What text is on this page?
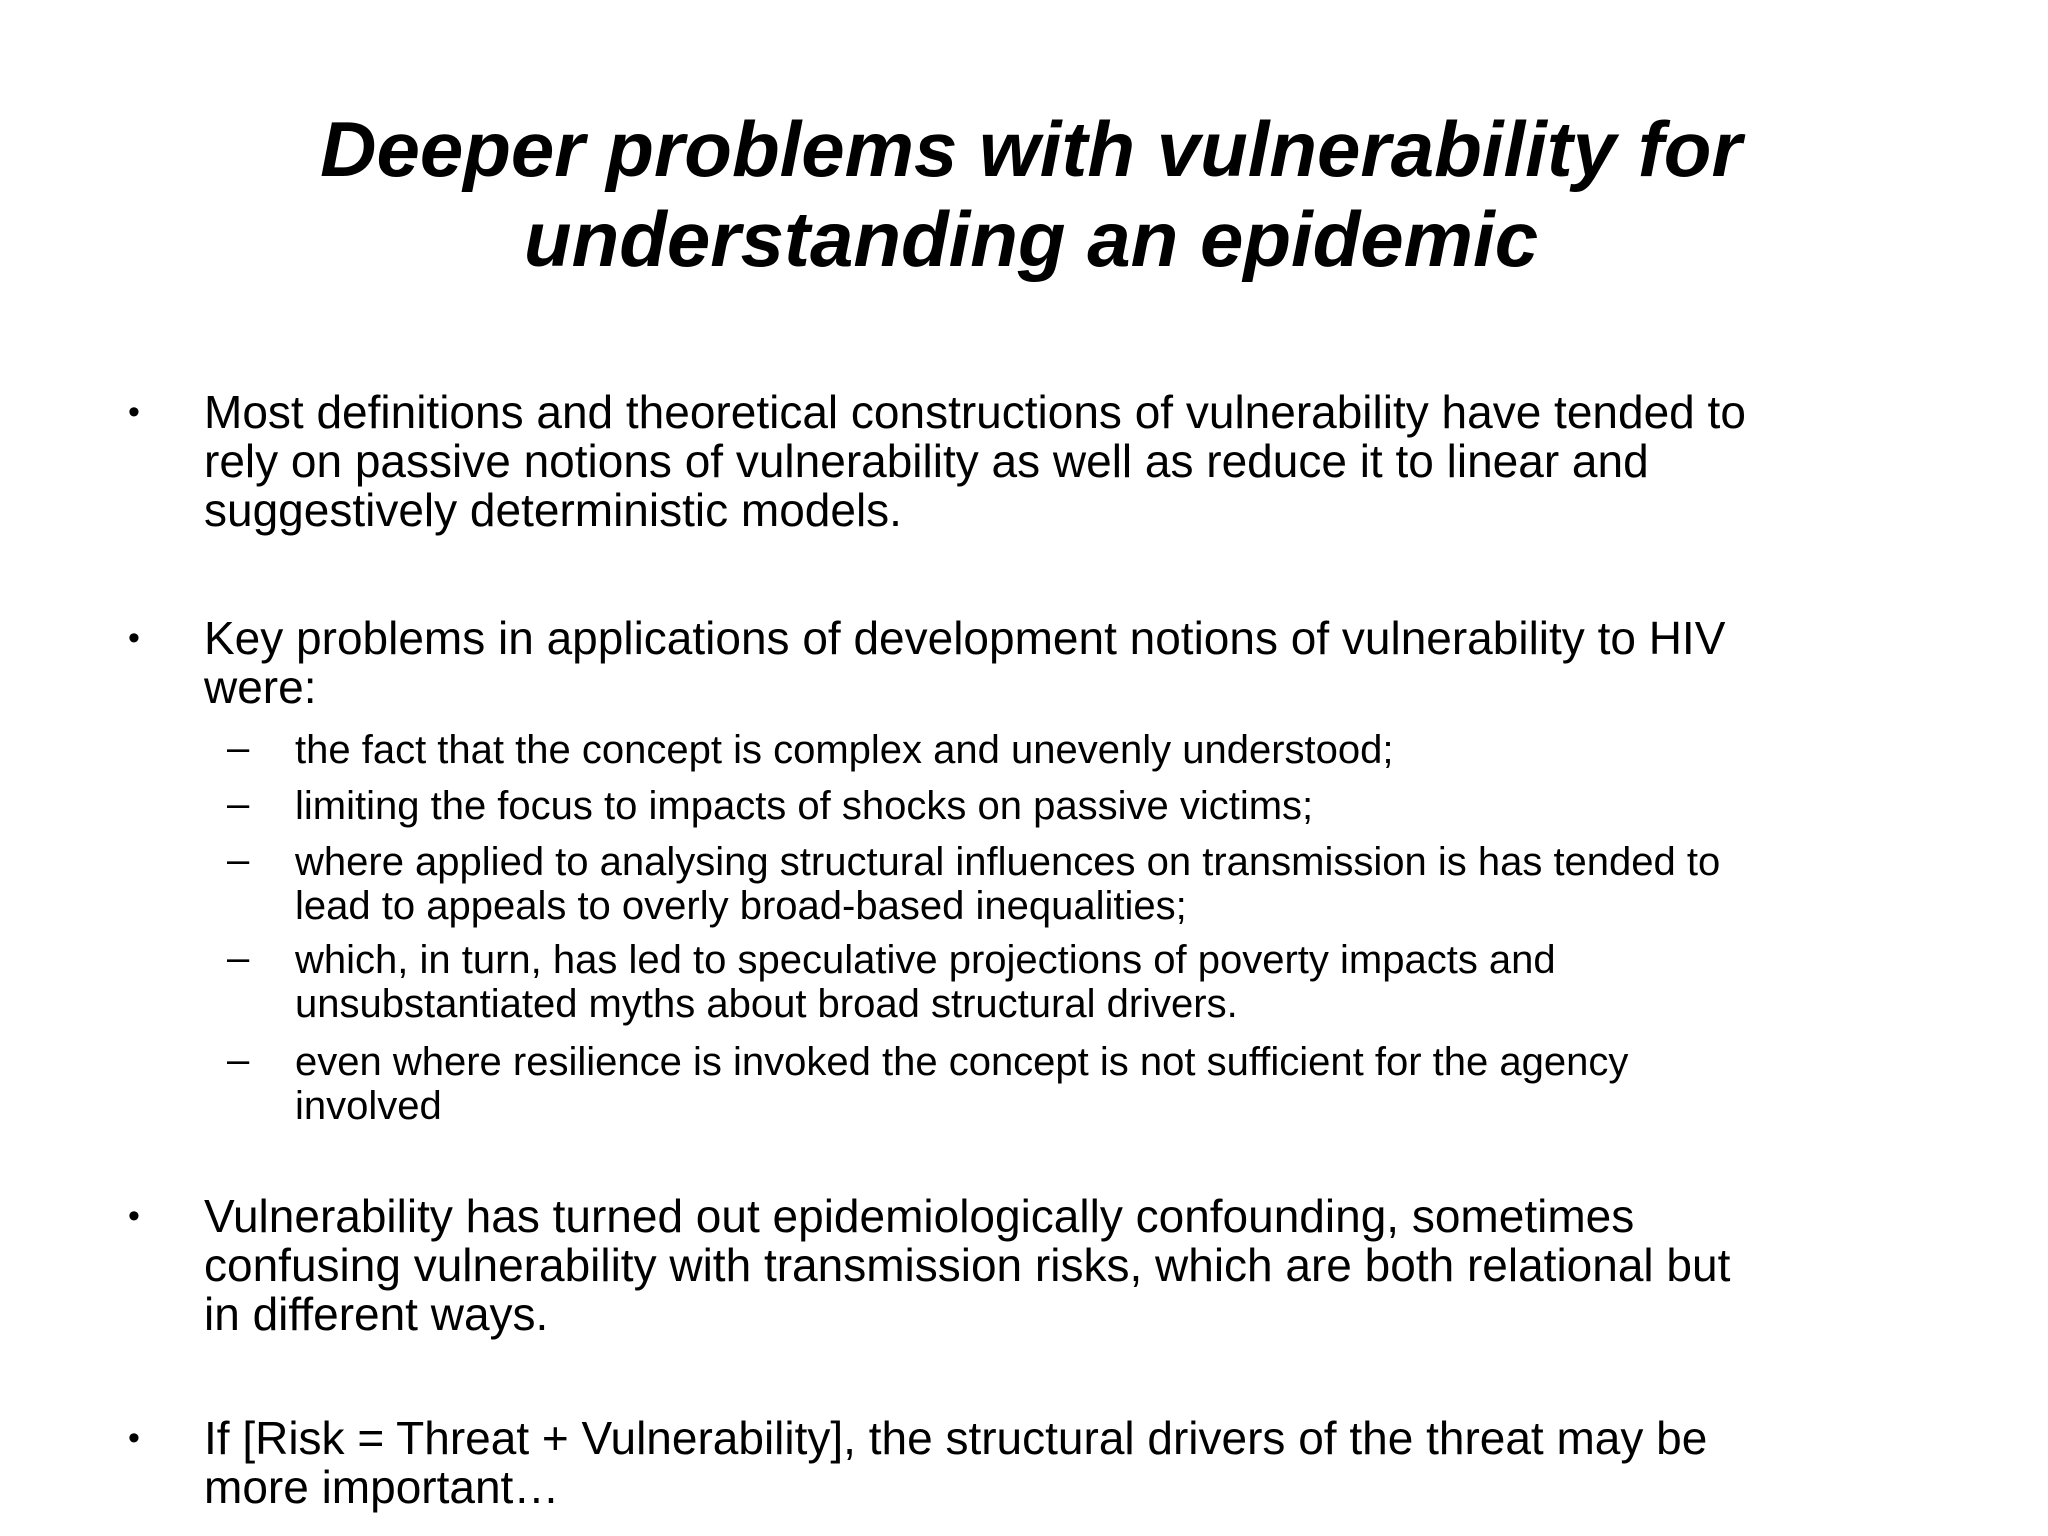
Deeper problems with vulnerability for
understanding an epidemic
• Most definitions and theoretical constructions of vulnerability have tended to
rely on passive notions of vulnerability as well as reduce it to linear and
suggestively deterministic models.
• Key problems in applications of development notions of vulnerability to HIV
were:
– the fact that the concept is complex and unevenly understood;
– limiting the focus to impacts of shocks on passive victims;
– where applied to analysing structural influences on transmission is has tended to
lead to appeals to overly broad-based inequalities;
– which, in turn, has led to speculative projections of poverty impacts and
unsubstantiated myths about broad structural drivers.
– even where resilience is invoked the concept is not sufficient for the agency
involved
• Vulnerability has turned out epidemiologically confounding, sometimes
confusing vulnerability with transmission risks, which are both relational but
in different ways.
• If [Risk = Threat + Vulnerability], the structural drivers of the threat may be
more important…
